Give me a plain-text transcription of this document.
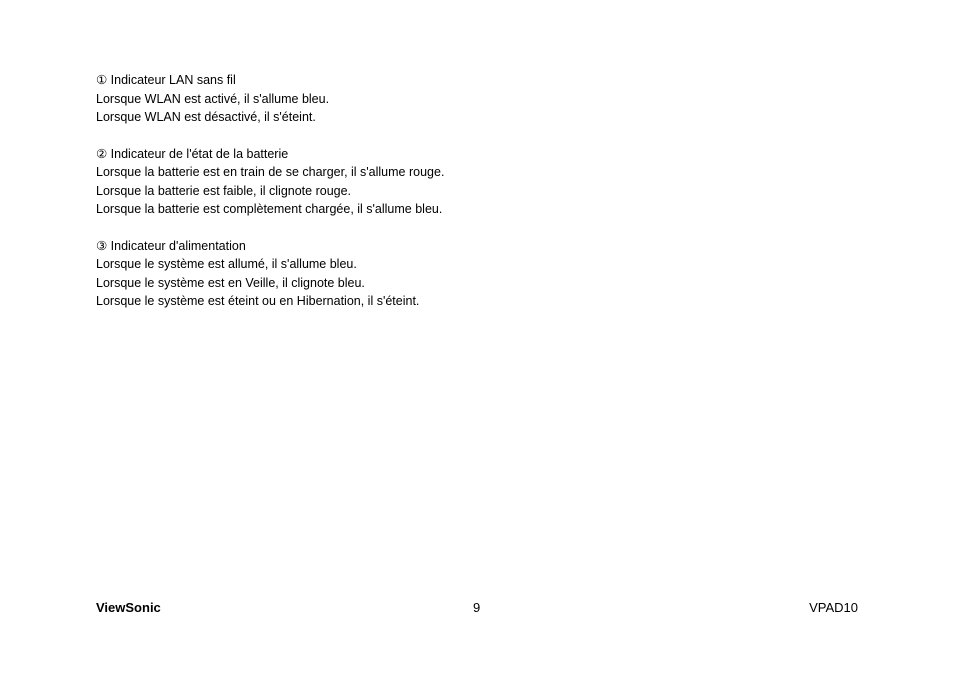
① Indicateur LAN sans fil
Lorsque WLAN est activé, il s'allume bleu.
Lorsque WLAN est désactivé, il s'éteint.
② Indicateur de l'état de la batterie
Lorsque la batterie est en train de se charger, il s'allume rouge.
Lorsque la batterie est faible, il clignote rouge.
Lorsque la batterie est complètement chargée, il s'allume bleu.
③ Indicateur d'alimentation
Lorsque le système est allumé, il s'allume bleu.
Lorsque le système est en Veille, il clignote bleu.
Lorsque le système est éteint ou en Hibernation, il s'éteint.
ViewSonic	9	VPAD10
